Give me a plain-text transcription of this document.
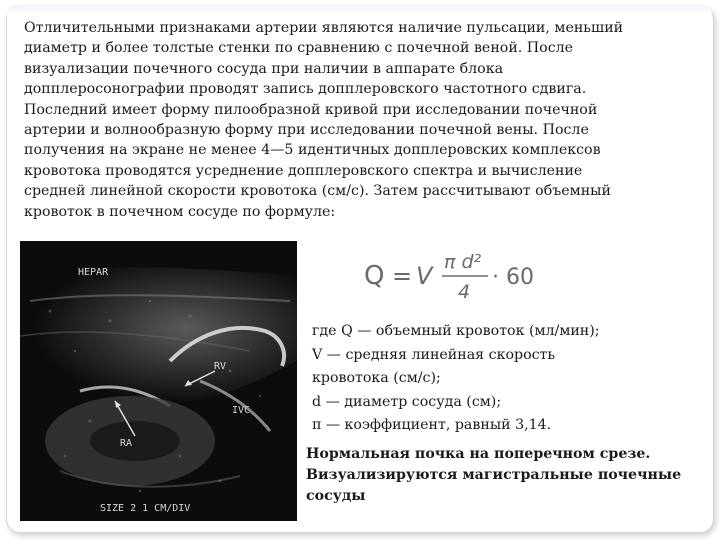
Отличительными признаками артерии являются наличие пульсации, меньший
диаметр и более толстые стенки по сравнению с почечной веной. После
визуализации почечного сосуда при наличии в аппарате блока
допплеросонографии проводят запись допплеровского частотного сдвига.
Последний имеет форму пилообразной кривой при исследовании почечной
артерии и волнообразную форму при исследовании почечной вены. После
получения на экране не менее 4—5 идентичных допплеровских комплексов
кровотока проводятся усреднение допплеровского спектра и вычисление
средней линейной скорости кровотока (см/с). Затем рассчитывают объемный
кровоток в почечном сосуде по формуле:

HEPAR
RV
IVC
RA
SIZE 2 1 CM/DIV
Q = V π d²
4
· 60
где Q — объемный кровоток (мл/мин);
V — средняя линейная скорость
кровотока (см/с);
d — диаметр сосуда (см);
π — коэффициент, равный 3,14.

Нормальная почка на поперечном срезе.
Визуализируются магистральные почечные
сосуды
